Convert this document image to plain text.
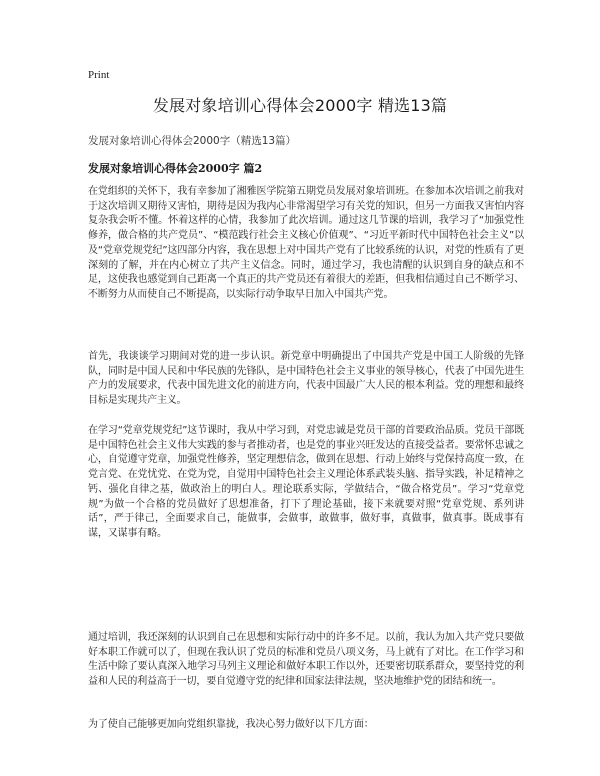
Print
发展对象培训心得体会2000字 精选13篇
发展对象培训心得体会2000字（精选13篇）
发展对象培训心得体会2000字 篇2

在党组织的关怀下，我有幸参加了湘雅医学院第五期党员发展对象培训班。在参加本次培训之前我对于这次培训又期待又害怕，期待是因为我内心非常渴望学习有关党的知识，但另一方面我又害怕内容复杂我会听不懂。怀着这样的心情，我参加了此次培训。通过这几节课的培训，我学习了“加强党性修养，做合格的共产党员”、“模范践行社会主义核心价值观”、“习近平新时代中国特色社会主义”以及“党章党规党纪”这四部分内容，我在思想上对中国共产党有了比较系统的认识，对党的性质有了更深刻的了解，并在内心树立了共产主义信念。同时，通过学习，我也清醒的认识到自身的缺点和不足，这使我也感觉到自己距离一个真正的共产党员还有着很大的差距，但我相信通过自己不断学习、不断努力从而使自己不断提高，以实际行动争取早日加入中国共产党。

首先，我谈谈学习期间对党的进一步认识。新党章中明确提出了中国共产党是中国工人阶级的先锋队，同时是中国人民和中华民族的先锋队，是中国特色社会主义事业的领导核心，代表了中国先进生产力的发展要求，代表中国先进文化的前进方向，代表中国最广大人民的根本利益。党的理想和最终目标是实现共产主义。

在学习“党章党规党纪”这节课时，我从中学习到，对党忠诚是党员干部的首要政治品质。党员干部既是中国特色社会主义伟大实践的参与者推动者，也是党的事业兴旺发达的直接受益者。要常怀忠诚之心，自觉遵守党章，加强党性修养，坚定理想信念，做到在思想、行动上始终与党保持高度一致，在党言党、在党忧党、在党为党，自觉用中国特色社会主义理论体系武装头脑、指导实践，补足精神之钙、强化自律之基，做政治上的明白人。理论联系实际，学做结合，“做合格党员”。学习“党章党规”为做一个合格的党员做好了思想准备，打下了理论基础，接下来就要对照“党章党规、系列讲话”，严于律己，全面要求自己，能做事，会做事，敢做事，做好事，真做事，做真事。既成事有谋，又谋事有略。

通过培训，我还深刻的认识到自己在思想和实际行动中的许多不足。以前，我认为加入共产党只要做好本职工作就可以了，但现在我认识了党员的标准和党员八项义务，马上就有了对比。在工作学习和生活中除了要认真深入地学习马列主义理论和做好本职工作以外，还要密切联系群众，要坚持党的利益和人民的利益高于一切，要自觉遵守党的纪律和国家法律法规，坚决地维护党的团结和统一。

为了使自己能够更加向党组织靠拢，我决心努力做好以下几方面：
